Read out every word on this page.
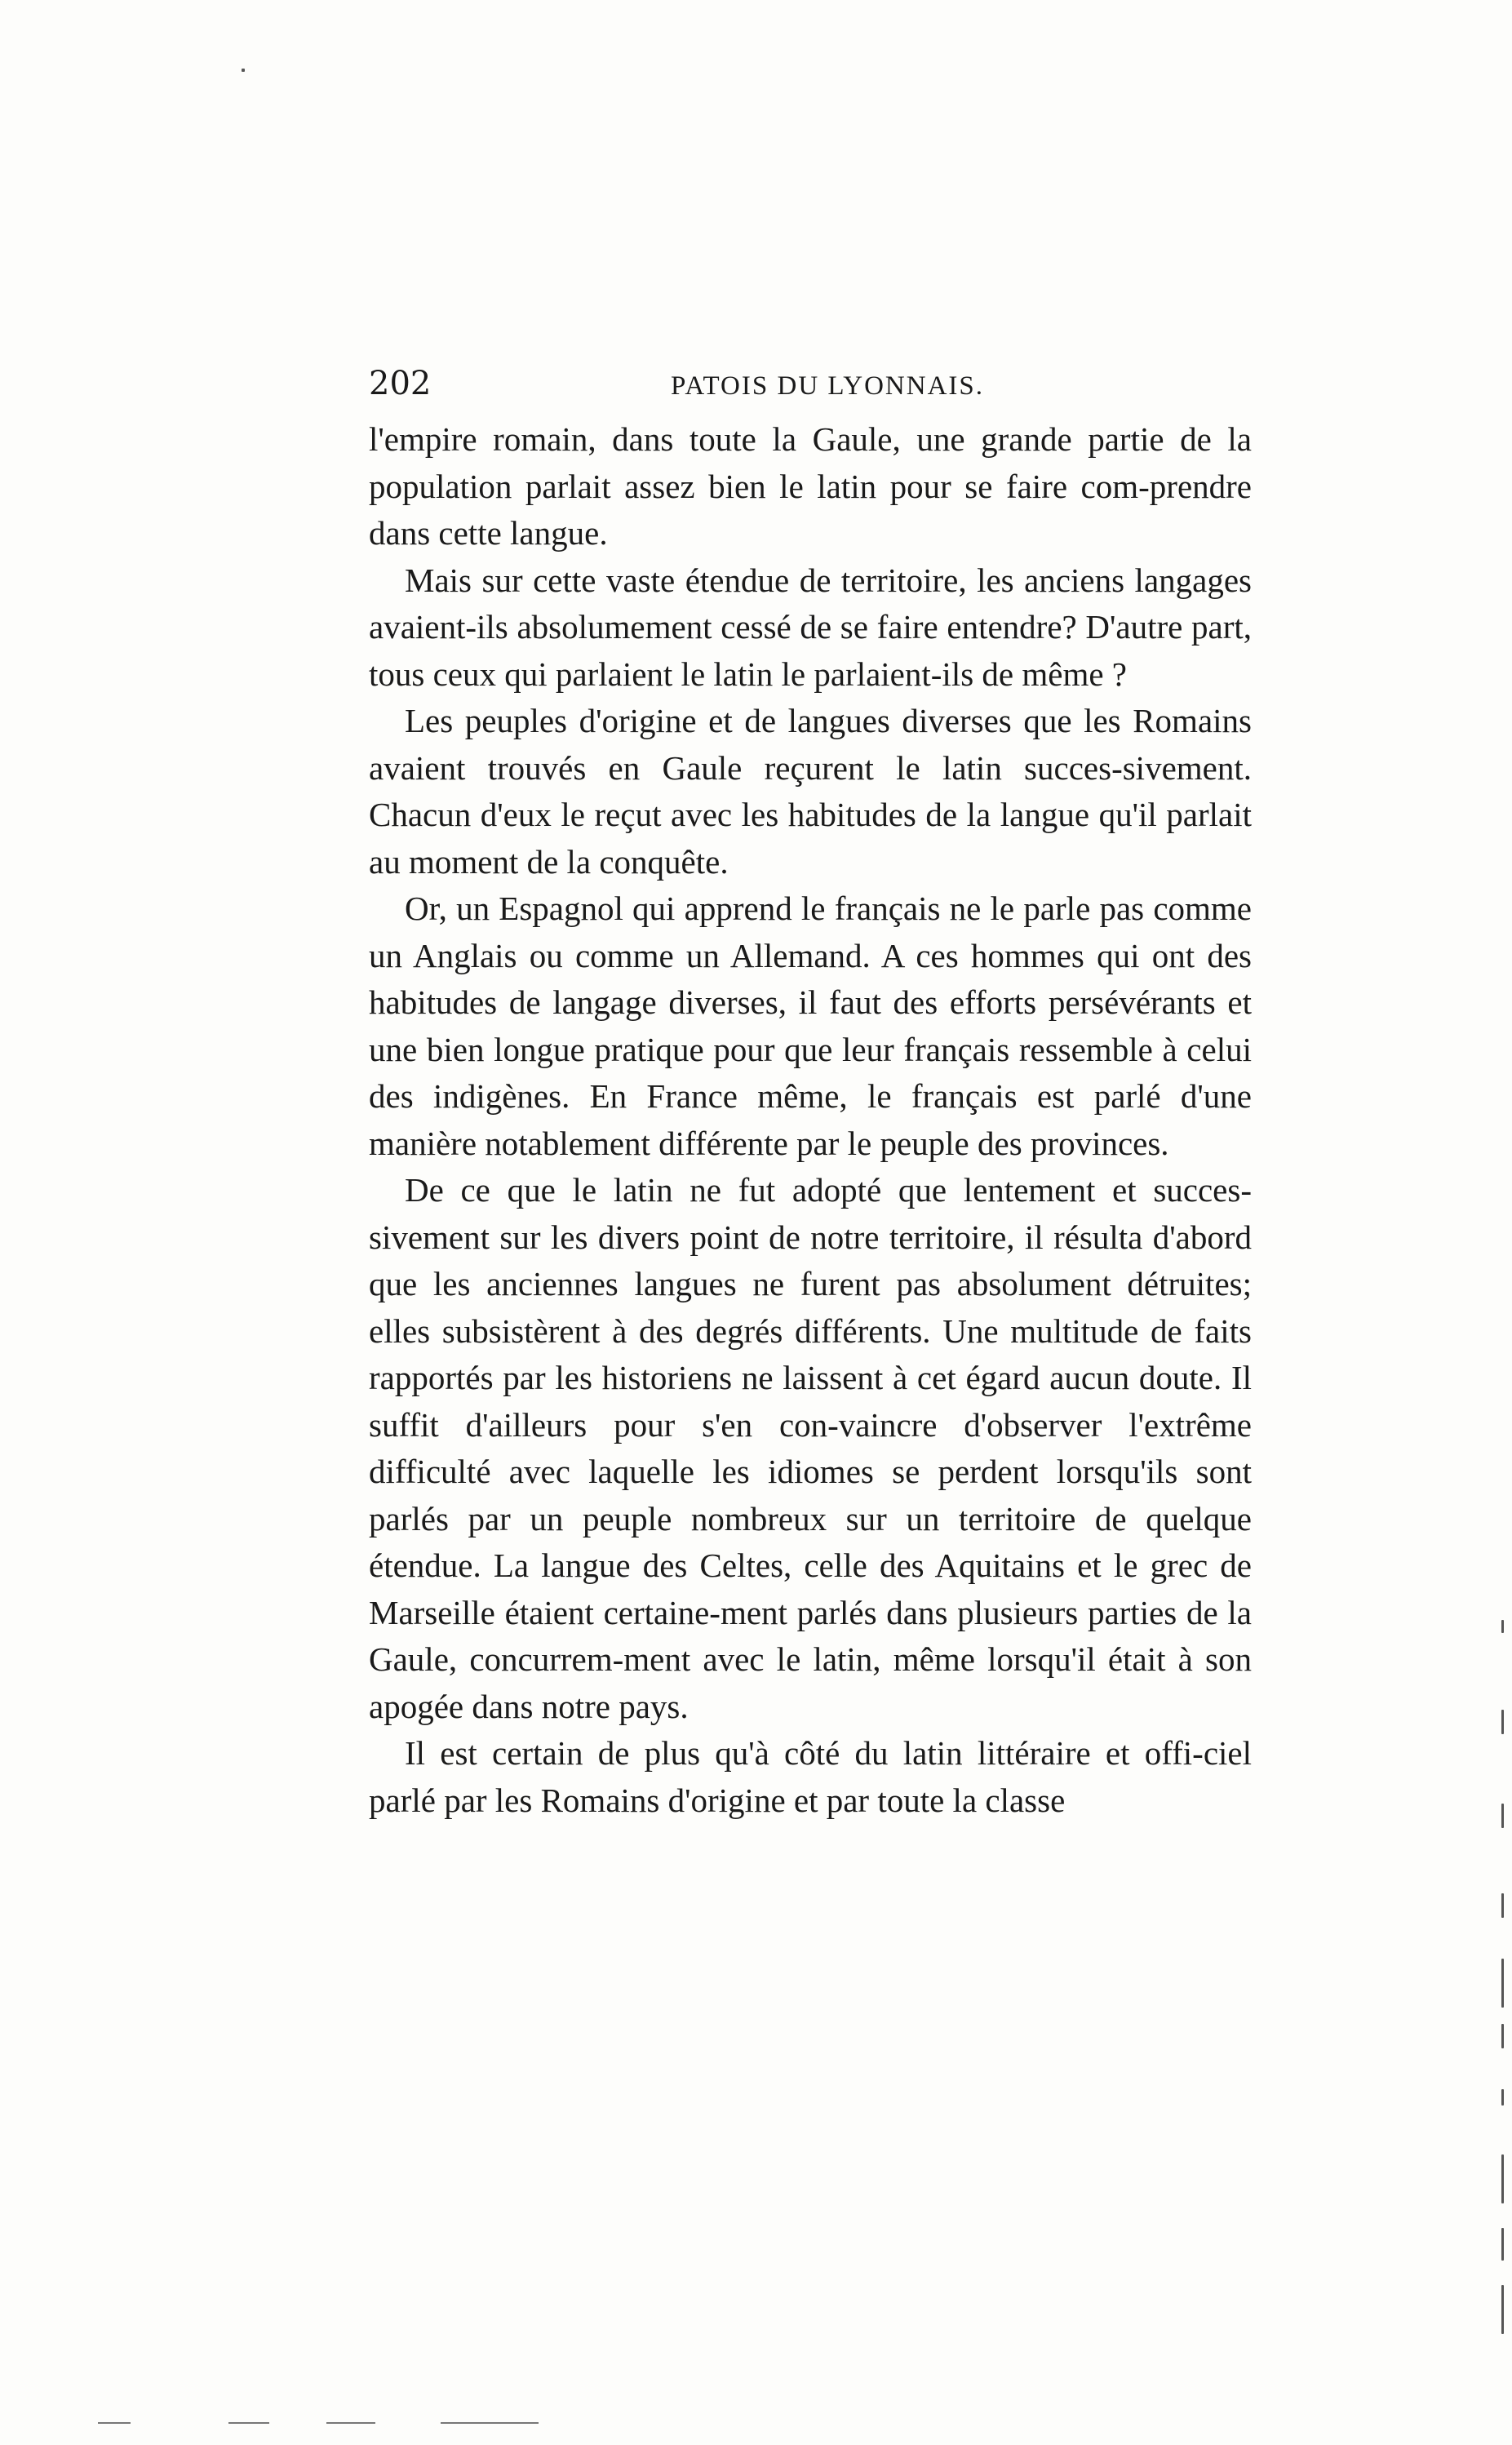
202	PATOIS DU LYONNAIS.

l'empire romain, dans toute la Gaule, une grande partie de la population parlait assez bien le latin pour se faire com-prendre dans cette langue.

Mais sur cette vaste étendue de territoire, les anciens langages avaient-ils absolumement cessé de se faire entendre? D'autre part, tous ceux qui parlaient le latin le parlaient-ils de même ?

Les peuples d'origine et de langues diverses que les Romains avaient trouvés en Gaule reçurent le latin succes-sivement. Chacun d'eux le reçut avec les habitudes de la langue qu'il parlait au moment de la conquête.

Or, un Espagnol qui apprend le français ne le parle pas comme un Anglais ou comme un Allemand. A ces hommes qui ont des habitudes de langage diverses, il faut des efforts persévérants et une bien longue pratique pour que leur français ressemble à celui des indigènes. En France même, le français est parlé d'une manière notablement différente par le peuple des provinces.

De ce que le latin ne fut adopté que lentement et succes-sivement sur les divers point de notre territoire, il résulta d'abord que les anciennes langues ne furent pas absolument détruites; elles subsistèrent à des degrés différents. Une multitude de faits rapportés par les historiens ne laissent à cet égard aucun doute. Il suffit d'ailleurs pour s'en con-vaincre d'observer l'extrême difficulté avec laquelle les idiomes se perdent lorsqu'ils sont parlés par un peuple nombreux sur un territoire de quelque étendue. La langue des Celtes, celle des Aquitains et le grec de Marseille étaient certaine-ment parlés dans plusieurs parties de la Gaule, concurrem-ment avec le latin, même lorsqu'il était à son apogée dans notre pays.

Il est certain de plus qu'à côté du latin littéraire et offi-ciel parlé par les Romains d'origine et par toute la classe
